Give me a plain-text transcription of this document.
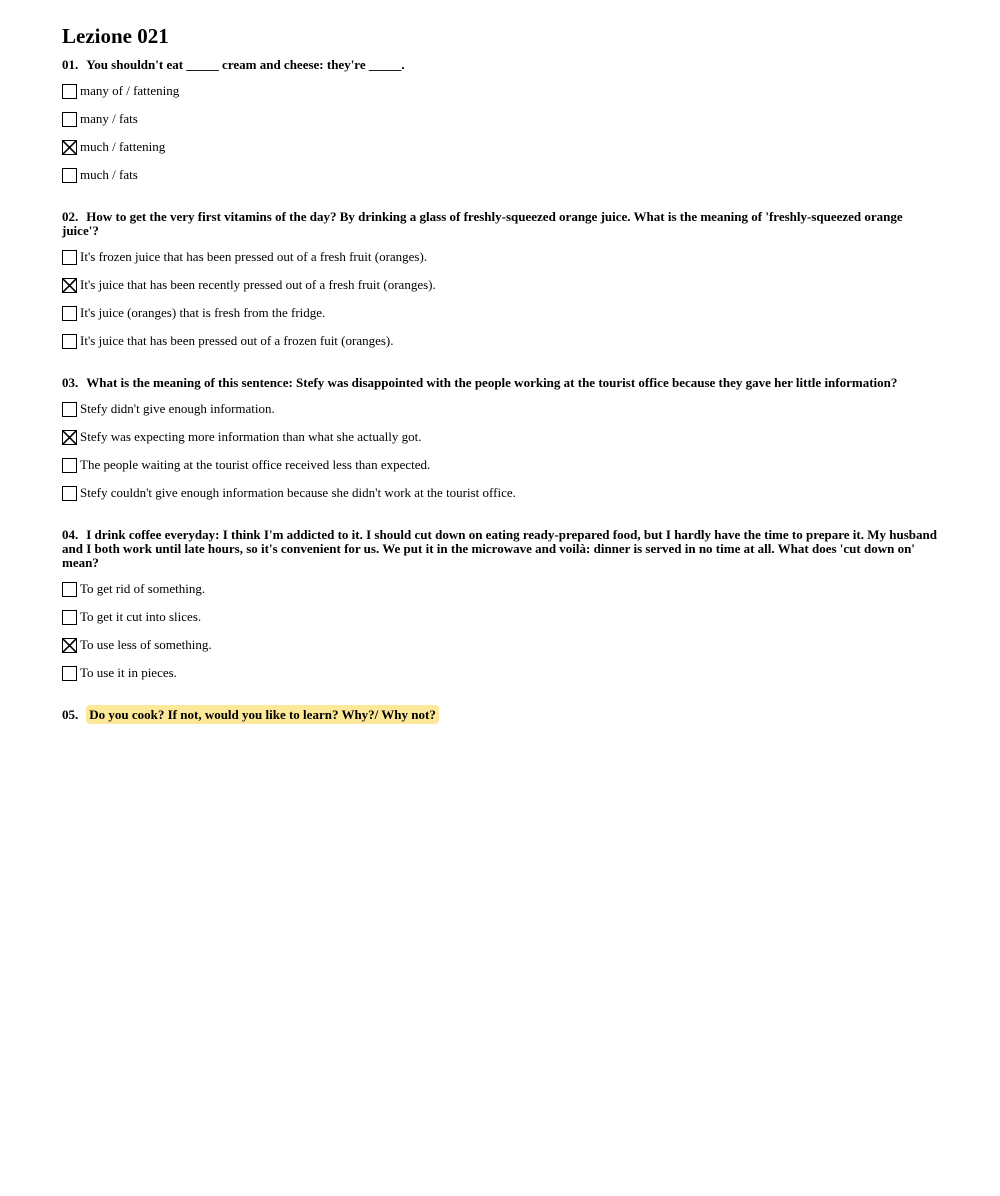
Lezione 021
01. You shouldn't eat _____ cream and cheese: they're _____.
many of / fattening
many / fats
much / fattening
much / fats
02. How to get the very first vitamins of the day? By drinking a glass of freshly-squeezed orange juice. What is the meaning of 'freshly-squeezed orange juice'?
It's frozen juice that has been pressed out of a fresh fruit (oranges).
It's juice that has been recently pressed out of a fresh fruit (oranges).
It's juice (oranges) that is fresh from the fridge.
It's juice that has been pressed out of a frozen fuit (oranges).
03. What is the meaning of this sentence: Stefy was disappointed with the people working at the tourist office because they gave her little information?
Stefy didn't give enough information.
Stefy was expecting more information than what she actually got.
The people waiting at the tourist office received less than expected.
Stefy couldn't give enough information because she didn't work at the tourist office.
04. I drink coffee everyday: I think I'm addicted to it. I should cut down on eating ready-prepared food, but I hardly have the time to prepare it. My husband and I both work until late hours, so it's convenient for us. We put it in the microwave and voilà: dinner is served in no time at all. What does 'cut down on' mean?
To get rid of something.
To get it cut into slices.
To use less of something.
To use it in pieces.
05. Do you cook? If not, would you like to learn? Why?/ Why not?
